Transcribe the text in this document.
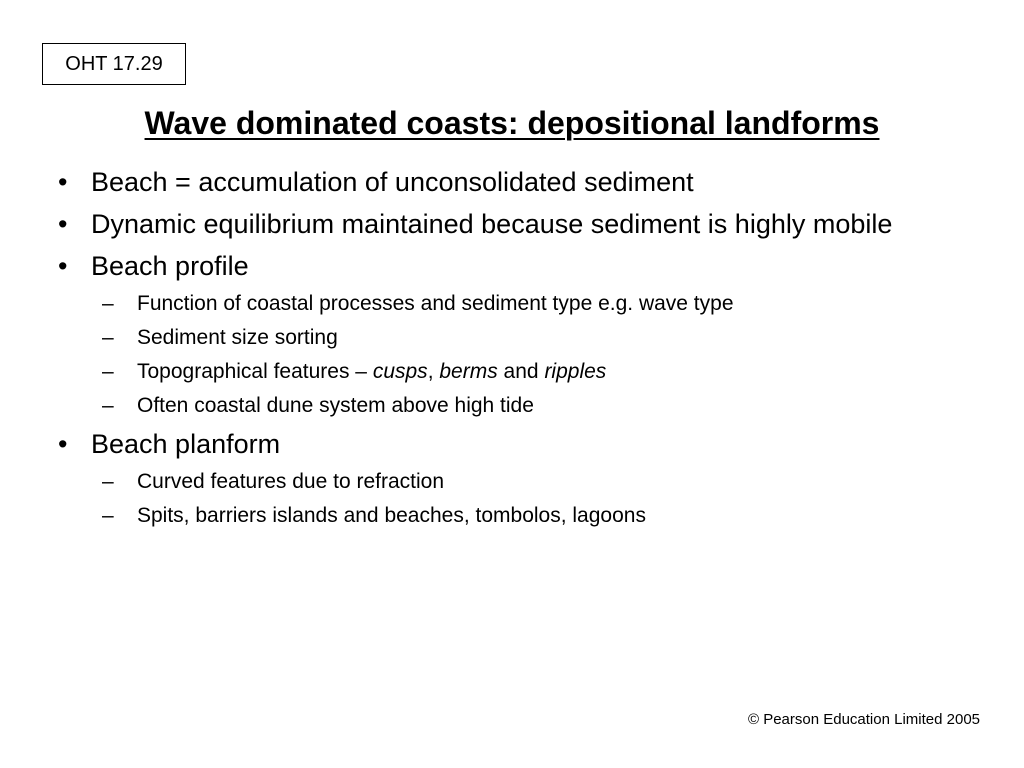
OHT 17.29
Wave dominated coasts: depositional landforms
• Beach = accumulation of unconsolidated sediment
• Dynamic equilibrium maintained because sediment is highly mobile
• Beach profile
– Function of coastal processes and sediment type e.g. wave type
– Sediment size sorting
– Topographical features – cusps, berms and ripples
– Often coastal dune system above high tide
• Beach planform
– Curved features due to refraction
– Spits, barriers islands and beaches, tombolos, lagoons
© Pearson Education Limited 2005
